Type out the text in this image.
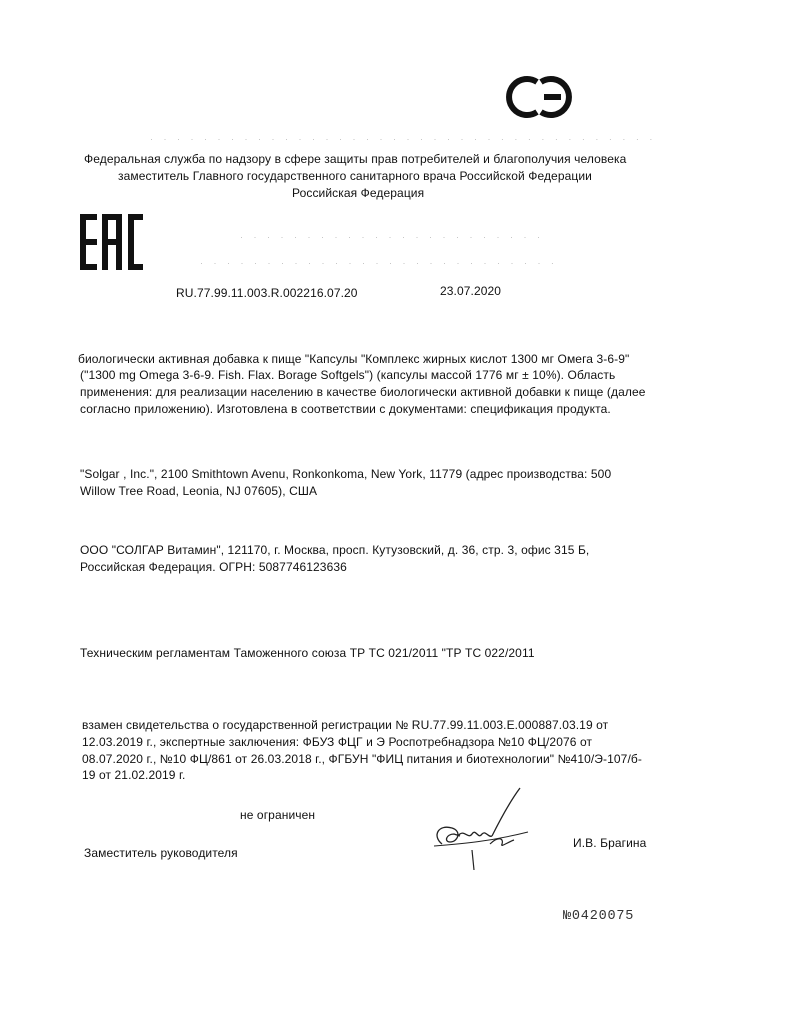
· · · · · · · · · · · · · · · · · · · · · · · · · · · · · · · · · · · · · ·
· · · · · · · · · · · · · · · · · · · · · · ·
· · · · · · · · · · · · · · · · · · · · · · · · · · ·
Федеральная служба по надзору в сфере защиты прав потребителей и благополучия человека
заместитель Главного государственного санитарного врача Российской Федерации
Российская Федерация
RU.77.99.11.003.R.002216.07.20	23.07.2020
биологически активная добавка к пище "Капсулы "Комплекс жирных кислот 1300 мг Омега 3-6-9"
("1300 mg Omega 3-6-9. Fish. Flax. Borage Softgels") (капсулы массой 1776 мг ± 10%). Область
применения: для реализации населению в качестве биологически активной добавки к пище (далее
согласно приложению). Изготовлена в соответствии с документами: спецификация продукта.
"Solgar , Inc.", 2100 Smithtown Avenu, Ronkonkoma, New York, 11779 (адрес производства: 500
Willow Tree Road, Leonia, NJ 07605), США
ООО "СОЛГАР Витамин", 121170, г. Москва, просп. Кутузовский, д. 36, стр. 3, офис 315 Б,
Российская Федерация. ОГРН: 5087746123636
Техническим регламентам Таможенного союза ТР ТС 021/2011 "ТР ТС 022/2011
взамен свидетельства о государственной регистрации № RU.77.99.11.003.Е.000887.03.19 от
12.03.2019 г., экспертные заключения: ФБУЗ ФЦГ и Э Роспотребнадзора №10 ФЦ/2076 от
08.07.2020 г., №10 ФЦ/861 от 26.03.2018 г., ФГБУН "ФИЦ питания и биотехнологии" №410/Э-107/б-
19 от 21.02.2019 г.
не ограничен
Заместитель руководителя
И.В. Брагина
№0420075
